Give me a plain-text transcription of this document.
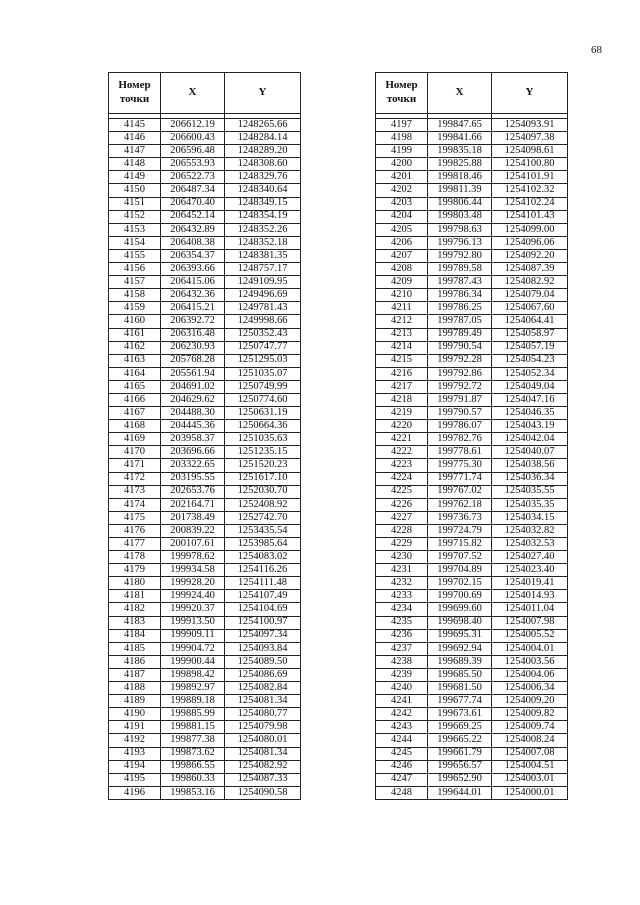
68
Номер
точки	X	Y

4145	206612.19	1248265.66
4146	206600.43	1248284.14
4147	206596.48	1248289.20
4148	206553.93	1248308.60
4149	206522.73	1248329.76
4150	206487.34	1248340.64
4151	206470.40	1248349.15
4152	206452.14	1248354.19
4153	206432.89	1248352.26
4154	206408.38	1248352.18
4155	206354.37	1248381.35
4156	206393.66	1248757.17
4157	206415.06	1249109.95
4158	206432.36	1249496.69
4159	206415.21	1249781.43
4160	206392.72	1249998.66
4161	206316.48	1250352.43
4162	206230.93	1250747.77
4163	205768.28	1251295.03
4164	205561.94	1251035.07
4165	204691.02	1250749.99
4166	204629.62	1250774.60
4167	204488.30	1250631.19
4168	204445.36	1250664.36
4169	203958.37	1251035.63
4170	203696.66	1251235.15
4171	203322.65	1251520.23
4172	203195.55	1251617.10
4173	202653.76	1252030.70
4174	202164.71	1252408.92
4175	201738.49	1252742.70
4176	200839.22	1253435.54
4177	200107.61	1253985.64
4178	199978.62	1254083.02
4179	199934.58	1254116.26
4180	199928.20	1254111.48
4181	199924.40	1254107.49
4182	199920.37	1254104.69
4183	199913.50	1254100.97
4184	199909.11	1254097.34
4185	199904.72	1254093.84
4186	199900.44	1254089.50
4187	199898.42	1254086.69
4188	199892.97	1254082.84
4189	199889.18	1254081.34
4190	199885.99	1254080.77
4191	199881.15	1254079.98
4192	199877.38	1254080.01
4193	199873.62	1254081.34
4194	199866.55	1254082.92
4195	199860.33	1254087.33
4196	199853.16	1254090.58
Номер
точки	X	Y

4197	199847.65	1254093.91
4198	199841.66	1254097.38
4199	199835.18	1254098.61
4200	199825.88	1254100.80
4201	199818.46	1254101.91
4202	199811.39	1254102.32
4203	199806.44	1254102.24
4204	199803.48	1254101.43
4205	199798.63	1254099.00
4206	199796.13	1254096.06
4207	199792.80	1254092.20
4208	199789.58	1254087.39
4209	199787.43	1254082.92
4210	199786.34	1254079.04
4211	199786.25	1254067.60
4212	199787.05	1254064.41
4213	199789.49	1254058.97
4214	199790.54	1254057.19
4215	199792.28	1254054.23
4216	199792.86	1254052.34
4217	199792.72	1254049.04
4218	199791.87	1254047.16
4219	199790.57	1254046.35
4220	199786.07	1254043.19
4221	199782.76	1254042.04
4222	199778.61	1254040.07
4223	199775.30	1254038.56
4224	199771.74	1254036.34
4225	199767.02	1254035.55
4226	199762.18	1254035.35
4227	199736.73	1254034.15
4228	199724.79	1254032.82
4229	199715.82	1254032.53
4230	199707.52	1254027.40
4231	199704.89	1254023.40
4232	199702.15	1254019.41
4233	199700.69	1254014.93
4234	199699.60	1254011.04
4235	199698.40	1254007.98
4236	199695.31	1254005.52
4237	199692.94	1254004.01
4238	199689.39	1254003.56
4239	199685.50	1254004.06
4240	199681.50	1254006.34
4241	199677.74	1254009.20
4242	199673.61	1254009.82
4243	199669.25	1254009.74
4244	199665.22	1254008.24
4245	199661.79	1254007.08
4246	199656.57	1254004.51
4247	199652.90	1254003.01
4248	199644.01	1254000.01
